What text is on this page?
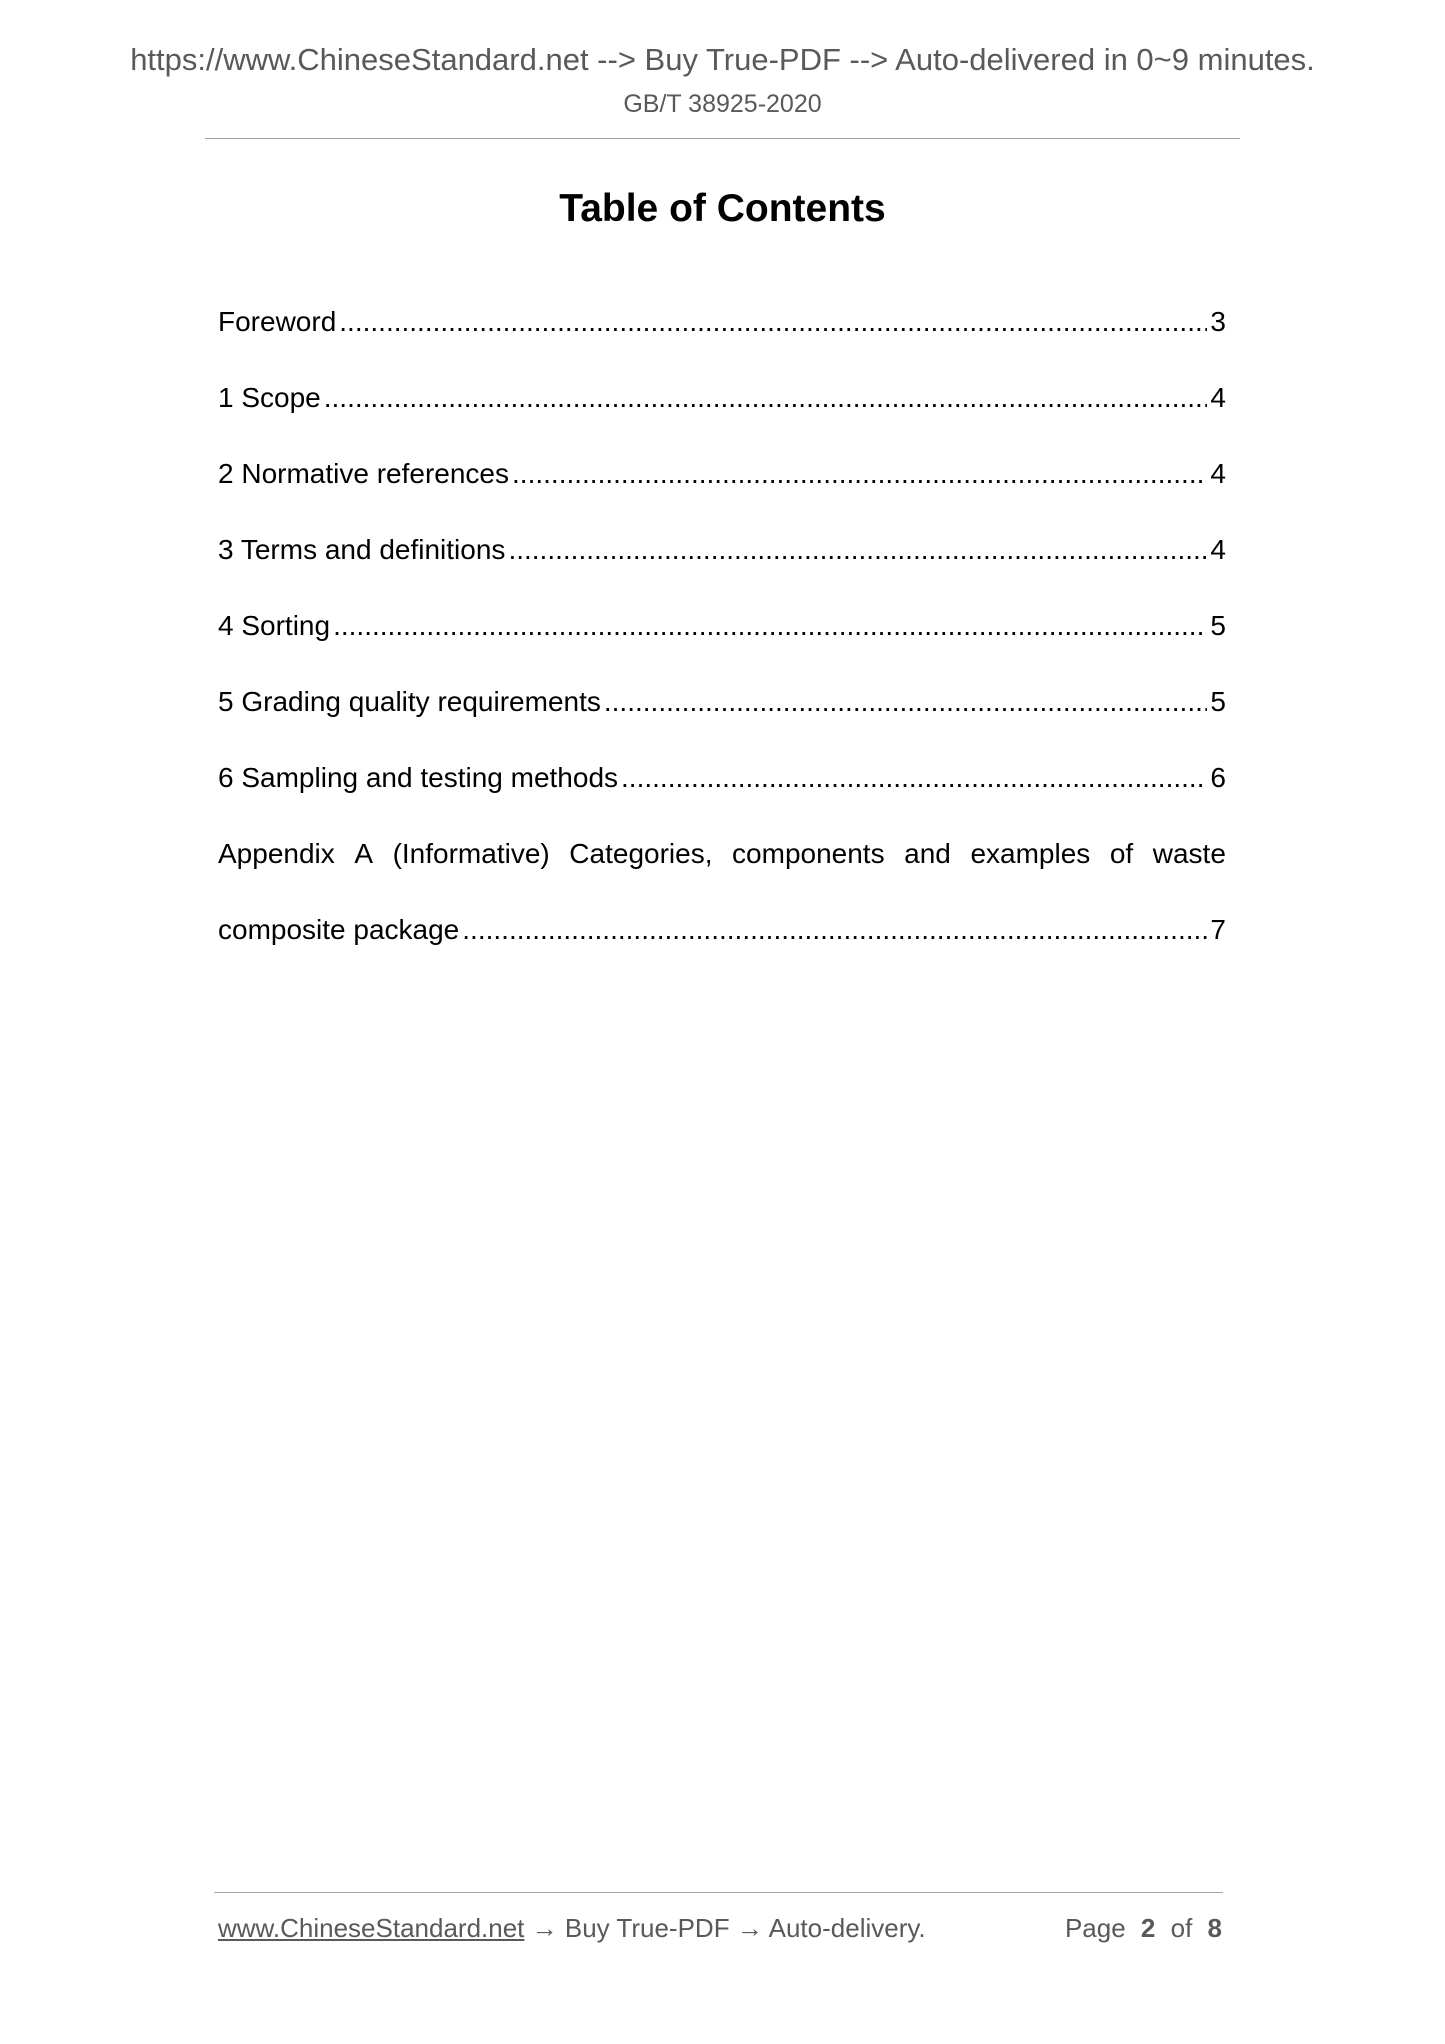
https://www.ChineseStandard.net --> Buy True-PDF --> Auto-delivered in 0~9 minutes.
GB/T 38925-2020
Table of Contents
Foreword .....	3
1 Scope .....	4
2 Normative references .....	4
3 Terms and definitions .....	4
4 Sorting .....	5
5 Grading quality requirements .....	5
6 Sampling and testing methods .....	6
Appendix A (Informative) Categories, components and examples of waste
composite package .....	7
www.ChineseStandard.net → Buy True-PDF → Auto-delivery.	Page 2 of 8
